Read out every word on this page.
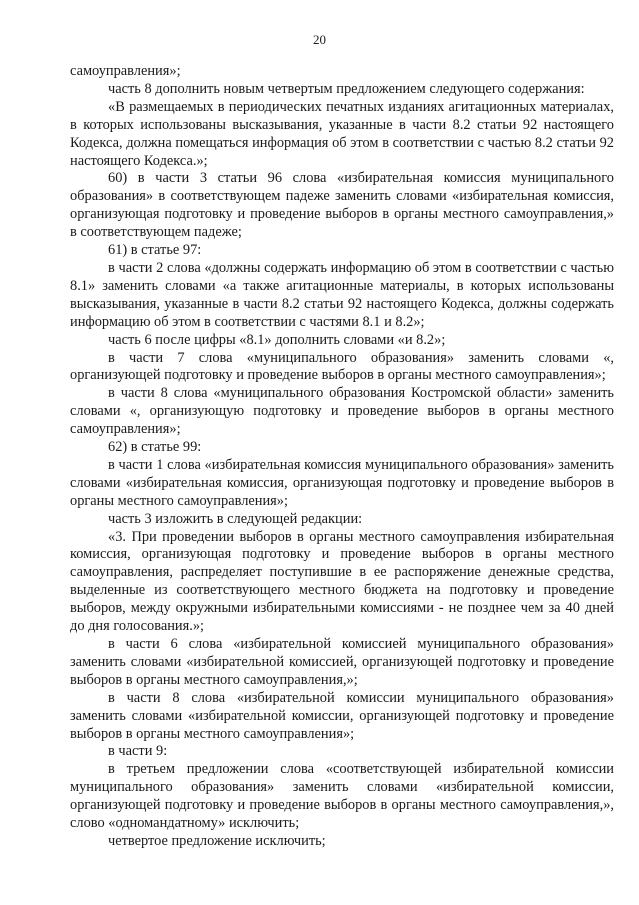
20

самоуправления»;

часть 8 дополнить новым четвертым предложением следующего содержания:

«В размещаемых в периодических печатных изданиях агитационных материалах, в которых использованы высказывания, указанные в части 8.2 статьи 92 настоящего Кодекса, должна помещаться информация об этом в соответствии с частью 8.2 статьи 92 настоящего Кодекса.»;

60) в части 3 статьи 96 слова «избирательная комиссия муниципального образования» в соответствующем падеже заменить словами «избирательная комиссия, организующая подготовку и проведение выборов в органы местного самоуправления,» в соответствующем падеже;

61) в статье 97:

в части 2 слова «должны содержать информацию об этом в соответствии с частью 8.1» заменить словами «а также агитационные материалы, в которых использованы высказывания, указанные в части 8.2 статьи 92 настоящего Кодекса, должны содержать информацию об этом в соответствии с частями 8.1 и 8.2»;

часть 6 после цифры «8.1» дополнить словами «и 8.2»;

в части 7 слова «муниципального образования» заменить словами «, организующей подготовку и проведение выборов в органы местного самоуправления»;

в части 8 слова «муниципального образования Костромской области» заменить словами «, организующую подготовку и проведение выборов в органы местного самоуправления»;

62) в статье 99:

в части 1 слова «избирательная комиссия муниципального образования» заменить словами «избирательная комиссия, организующая подготовку и проведение выборов в органы местного самоуправления»;

часть 3 изложить в следующей редакции:

«3. При проведении выборов в органы местного самоуправления избирательная комиссия, организующая подготовку и проведение выборов в органы местного самоуправления, распределяет поступившие в ее распоряжение денежные средства, выделенные из соответствующего местного бюджета на подготовку и проведение выборов, между окружными избирательными комиссиями - не позднее чем за 40 дней до дня голосования.»;

в части 6 слова «избирательной комиссией муниципального образования» заменить словами «избирательной комиссией, организующей подготовку и проведение выборов в органы местного самоуправления,»;

в части 8 слова «избирательной комиссии муниципального образования» заменить словами «избирательной комиссии, организующей подготовку и проведение выборов в органы местного самоуправления»;

в части 9:

в третьем предложении слова «соответствующей избирательной комиссии муниципального образования» заменить словами «избирательной комиссии, организующей подготовку и проведение выборов в органы местного самоуправления,», слово «одномандатному» исключить;

четвертое предложение исключить;
